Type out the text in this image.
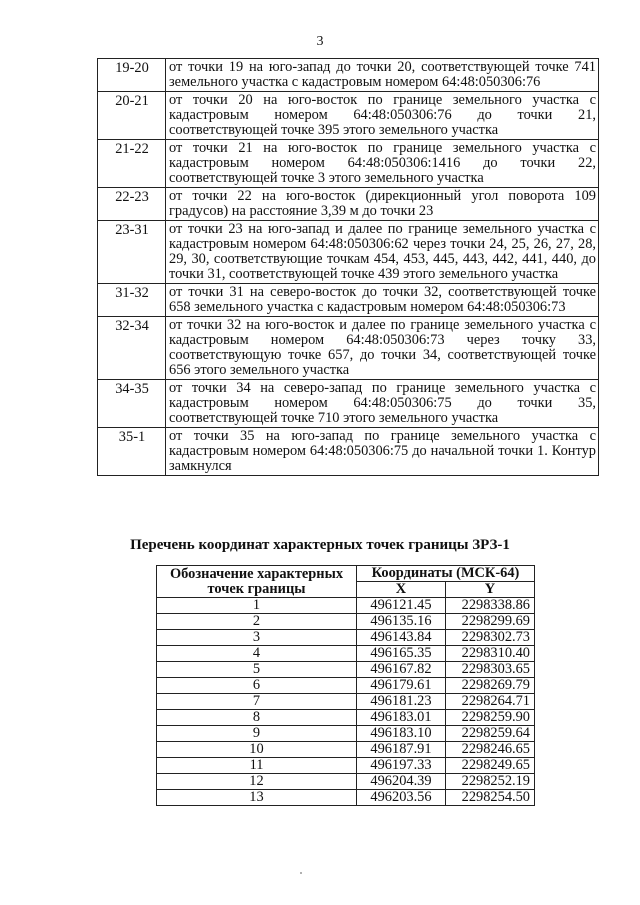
3
19-20	от точки 19 на юго-запад до точки 20, соответствующей точке 741 земельного участка с кадастровым номером 64:48:050306:76
20-21	от точки 20 на юго-восток по границе земельного участка с кадастровым номером 64:48:050306:76 до точки 21, соответствующей точке 395 этого земельного участка
21-22	от точки 21 на юго-восток по границе земельного участка с кадастровым номером 64:48:050306:1416 до точки 22, соответствующей точке 3 этого земельного участка
22-23	от точки 22 на юго-восток (дирекционный угол поворота 109 градусов) на расстояние 3,39 м до точки 23
23-31	от точки 23 на юго-запад и далее по границе земельного участка с кадастровым номером 64:48:050306:62 через точки 24, 25, 26, 27, 28, 29, 30, соответствующие точкам 454, 453, 445, 443, 442, 441, 440, до точки 31, соответствующей точке 439 этого земельного участка
31-32	от точки 31 на северо-восток до точки 32, соответствующей точке 658 земельного участка с кадастровым номером 64:48:050306:73
32-34	от точки 32 на юго-восток и далее по границе земельного участка с кадастровым номером 64:48:050306:73 через точку 33, соответствующую точке 657, до точки 34, соответствующей точке 656 этого земельного участка
34-35	от точки 34 на северо-запад по границе земельного участка с кадастровым номером 64:48:050306:75 до точки 35, соответствующей точке 710 этого земельного участка
35-1	от точки 35 на юго-запад по границе земельного участка с кадастровым номером 64:48:050306:75 до начальной точки 1. Контур замкнулся
Перечень координат характерных точек границы ЗРЗ-1
Обозначение характерных точек границы	Координаты (МСК-64)	
	X	Y
1	496121.45	2298338.86
2	496135.16	2298299.69
3	496143.84	2298302.73
4	496165.35	2298310.40
5	496167.82	2298303.65
6	496179.61	2298269.79
7	496181.23	2298264.71
8	496183.01	2298259.90
9	496183.10	2298259.64
10	496187.91	2298246.65
11	496197.33	2298249.65
12	496204.39	2298252.19
13	496203.56	2298254.50
